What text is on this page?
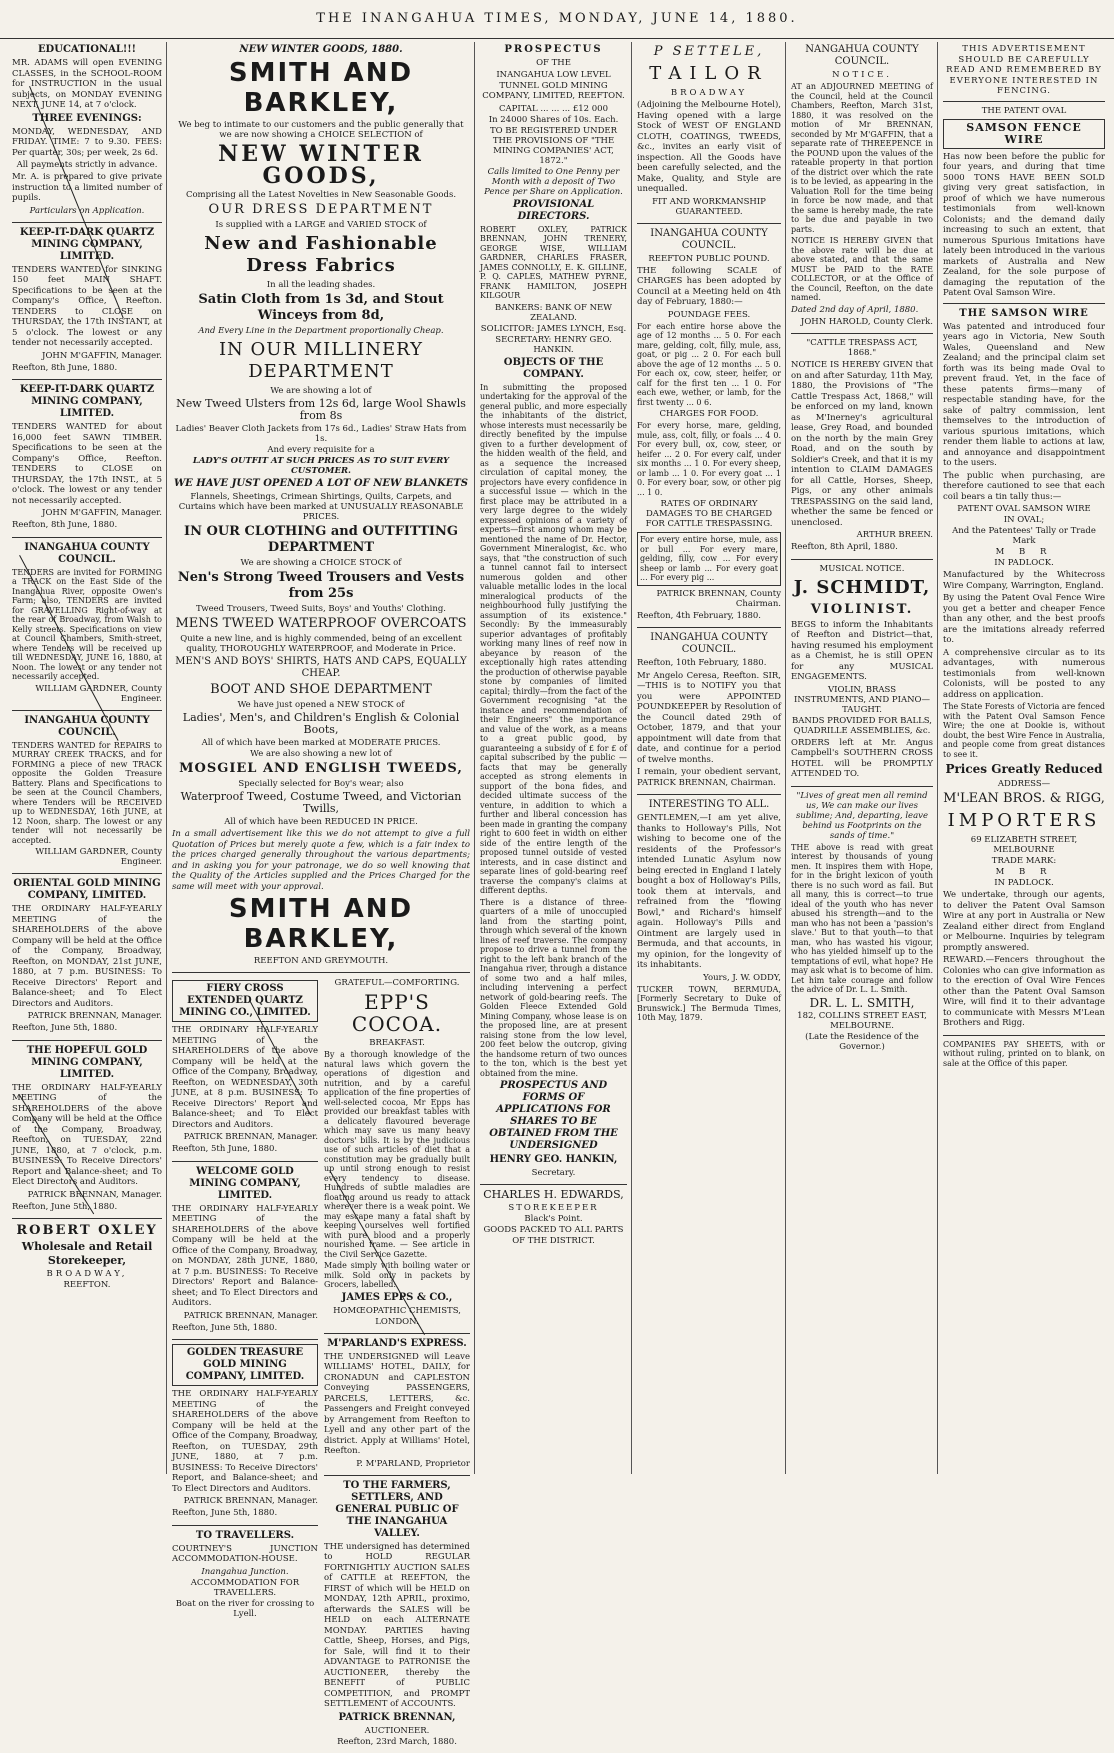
THE INANGAHUA TIMES, MONDAY, JUNE 14, 1880.
EDUCATIONAL!!!
MR. ADAMS will open EVENING CLASSES, in the SCHOOL-ROOM for INSTRUCTION in the usual subjects, on MONDAY EVENING NEXT, JUNE 14, at 7 o'clock.
THREE EVENINGS:
MONDAY, WEDNESDAY, AND FRIDAY. TIME: 7 to 9.30. FEES: Per quarter, 30s; per week, 2s 6d.
All payments strictly in advance.
Mr. A. is prepared to give private instruction to a limited number of pupils.
Particulars on Application.
KEEP-IT-DARK QUARTZ MINING COMPANY, LIMITED.
TENDERS WANTED for SINKING 150 feet MAIN SHAFT. Specifications to be seen at the Company's Office, Reefton. TENDERS to CLOSE on THURSDAY, the 17th INSTANT, at 5 o'clock. The lowest or any tender not necessarily accepted.
JOHN M'GAFFIN, Manager.
Reefton, 8th June, 1880.
KEEP-IT-DARK QUARTZ MINING COMPANY, LIMITED.
TENDERS WANTED for about 16,000 feet SAWN TIMBER. Specifications to be seen at the Company's Office, Reefton. TENDERS to CLOSE on THURSDAY, the 17th INST., at 5 o'clock. The lowest or any tender not necessarily accepted.
JOHN M'GAFFIN, Manager.
Reefton, 8th June, 1880.
INANGAHUA COUNTY COUNCIL.
TENDERS are invited for FORMING a TRACK on the East Side of the Inangahua River, opposite Owen's Farm; also, TENDERS are invited for GRAVELLING Right-of-way at the rear of Broadway, from Walsh to Kelly streets. Specifications on view at Council Chambers, Smith-street, where Tenders will be received up till WEDNESDAY, JUNE 16, 1880, at Noon. The lowest or any tender not necessarily accepted.
WILLIAM GARDNER, County Engineer.
INANGAHUA COUNTY COUNCIL.
TENDERS WANTED for REPAIRS to MURRAY CREEK TRACKS, and for FORMING a piece of new TRACK opposite the Golden Treasure Battery. Plans and Specifications to be seen at the Council Chambers, where Tenders will be RECEIVED up to WEDNESDAY, 16th JUNE, at 12 Noon, sharp. The lowest or any tender will not necessarily be accepted.
WILLIAM GARDNER, County Engineer.
ORIENTAL GOLD MINING COMPANY, LIMITED.
THE ORDINARY HALF-YEARLY MEETING of the SHAREHOLDERS of the above Company will be held at the Office of the Company, Broadway, Reefton, on MONDAY, 21st JUNE, 1880, at 7 p.m. BUSINESS: To Receive Directors' Report and Balance-sheet; and To Elect Directors and Auditors.
PATRICK BRENNAN, Manager.
Reefton, June 5th, 1880.
THE HOPEFUL GOLD MINING COMPANY, LIMITED.
THE ORDINARY HALF-YEARLY MEETING of the SHAREHOLDERS of the above Company will be held at the Office of the Company, Broadway, Reefton, on TUESDAY, 22nd JUNE, 1880, at 7 o'clock, p.m. BUSINESS: To Receive Directors' Report and Balance-sheet; and To Elect Directors and Auditors.
PATRICK BRENNAN, Manager.
Reefton, June 5th, 1880.
ROBERT OXLEY
Wholesale and Retail
Storekeeper,
BROADWAY,
REEFTON.
NEW WINTER GOODS, 1880.
SMITH AND BARKLEY,
We beg to intimate to our customers and the public generally that we are now showing a CHOICE SELECTION of
NEW WINTER GOODS,
Comprising all the Latest Novelties in New Seasonable Goods.
OUR DRESS DEPARTMENT
Is supplied with a LARGE and VARIED STOCK of
New and Fashionable Dress Fabrics
In all the leading shades.
Satin Cloth from 1s 3d, and Stout Winceys from 8d,
And Every Line in the Department proportionally Cheap.
IN OUR MILLINERY DEPARTMENT
We are showing a lot of
New Tweed Ulsters from 12s 6d, large Wool Shawls from 8s
Ladies' Beaver Cloth Jackets from 17s 6d., Ladies' Straw Hats from 1s.
And every requisite for a
LADY'S OUTFIT AT SUCH PRICES AS TO SUIT EVERY CUSTOMER.
WE HAVE JUST OPENED A LOT OF NEW BLANKETS
Flannels, Sheetings, Crimean Shirtings, Quilts, Carpets, and Curtains which have been marked at UNUSUALLY REASONABLE PRICES.
IN OUR CLOTHING and OUTFITTING DEPARTMENT
We are showing a CHOICE STOCK of
Nen's Strong Tweed Trousers and Vests from 25s
Tweed Trousers, Tweed Suits, Boys' and Youths' Clothing.
MENS TWEED WATERPROOF OVERCOATS
Quite a new line, and is highly commended, being of an excellent quality, THOROUGHLY WATERPROOF, and Moderate in Price.
MEN'S AND BOYS' SHIRTS, HATS AND CAPS, EQUALLY CHEAP.
BOOT AND SHOE DEPARTMENT
We have just opened a NEW STOCK of
Ladies', Men's, and Children's English & Colonial Boots,
All of which have been marked at MODERATE PRICES.
We are also showing a new lot of
MOSGIEL AND ENGLISH TWEEDS,
Specially selected for Boy's wear; also
Waterproof Tweed, Costume Tweed, and Victorian Twills,
All of which have been REDUCED IN PRICE.
In a small advertisement like this we do not attempt to give a full Quotation of Prices but merely quote a few, which is a fair index to the prices charged generally throughout the various departments; and in asking you for your patronage, we do so well knowing that the Quality of the Articles supplied and the Prices Charged for the same will meet with your approval.
SMITH AND BARKLEY,
REEFTON AND GREYMOUTH.
FIERY CROSS EXTENDED QUARTZ MINING CO., LIMITED.
THE ORDINARY HALF-YEARLY MEETING of the SHAREHOLDERS of the above Company will be held at the Office of the Company, Broadway, Reefton, on WEDNESDAY, 30th JUNE, at 8 p.m. BUSINESS: To Receive Directors' Report and Balance-sheet; and To Elect Directors and Auditors.
PATRICK BRENNAN, Manager.
Reefton, 5th June, 1880.
WELCOME GOLD MINING COMPANY, LIMITED.
THE ORDINARY HALF-YEARLY MEETING of the SHAREHOLDERS of the above Company will be held at the Office of the Company, Broadway, on MONDAY, 28th JUNE, 1880, at 7 p.m. BUSINESS: To Receive Directors' Report and Balance-sheet; and To Elect Directors and Auditors.
PATRICK BRENNAN, Manager.
Reefton, June 5th, 1880.
GOLDEN TREASURE GOLD MINING COMPANY, LIMITED.
THE ORDINARY HALF-YEARLY MEETING of the SHAREHOLDERS of the above Company will be held at the Office of the Company, Broadway, Reefton, on TUESDAY, 29th JUNE, 1880, at 7 p.m. BUSINESS: To Receive Directors' Report, and Balance-sheet; and To Elect Directors and Auditors.
PATRICK BRENNAN, Manager.
Reefton, June 5th, 1880.
TO TRAVELLERS.
COURTNEY'S JUNCTION ACCOMMODATION-HOUSE.
Inangahua Junction.
ACCOMMODATION FOR TRAVELLERS.
Boat on the river for crossing to Lyell.
GRATEFUL—COMFORTING.
EPP'S COCOA.
BREAKFAST.
By a thorough knowledge of the natural laws which govern the operations of digestion and nutrition, and by a careful application of the fine properties of well-selected cocoa, Mr Epps has provided our breakfast tables with a delicately flavoured beverage which may save us many heavy doctors' bills. It is by the judicious use of such articles of diet that a constitution may be gradually built up until strong enough to resist every tendency to disease. Hundreds of subtle maladies are floating around us ready to attack wherever there is a weak point. We may escape many a fatal shaft by keeping ourselves well fortified with pure blood and a properly nourished frame. — See article in the Civil Service Gazette.
Made simply with boiling water or milk. Sold only in packets by Grocers, labelled:
JAMES EPPS & CO.,
HOMŒOPATHIC CHEMISTS,
LONDON.
M'PARLAND'S EXPRESS.
THE UNDERSIGNED will Leave WILLIAMS' HOTEL, DAILY, for CRONADUN and CAPLESTON Conveying PASSENGERS, PARCELS, LETTERS, &c. Passengers and Freight conveyed by Arrangement from Reefton to Lyell and any other part of the district. Apply at Williams' Hotel, Reefton.
P. M'PARLAND, Proprietor
TO THE FARMERS, SETTLERS, AND GENERAL PUBLIC OF THE INANGAHUA VALLEY.
THE undersigned has determined to HOLD REGULAR FORTNIGHTLY AUCTION SALES of CATTLE at REEFTON, the FIRST of which will be HELD on MONDAY, 12th APRIL, proximo, afterwards the SALES will be HELD on each ALTERNATE MONDAY. PARTIES having Cattle, Sheep, Horses, and Pigs, for Sale, will find it to their ADVANTAGE to PATRONISE the AUCTIONEER, thereby the BENEFIT of PUBLIC COMPETITION, and PROMPT SETTLEMENT of ACCOUNTS.
PATRICK BRENNAN,
AUCTIONEER.
Reefton, 23rd March, 1880.
PROSPECTUS
OF THE
INANGAHUA LOW LEVEL TUNNEL GOLD MINING COMPANY, LIMITED, REEFTON.
CAPITAL ... ... ... £12 000
In 24000 Shares of 10s. Each.
TO BE REGISTERED UNDER THE PROVISIONS OF "THE MINING COMPANIES' ACT, 1872."
Calls limited to One Penny per Month with a deposit of Two Pence per Share on Application.
PROVISIONAL DIRECTORS.
ROBERT OXLEY, PATRICK BRENNAN, JOHN TRENERY, GEORGE WISE, WILLIAM GARDNER, CHARLES FRASER, JAMES CONNOLLY, E. K. GILLINE, P. Q. CAPLES, MATHEW PYRNE, FRANK HAMILTON, JOSEPH KILGOUR
BANKERS: BANK OF NEW ZEALAND.
SOLICITOR: JAMES LYNCH, Esq.
SECRETARY: HENRY GEO. HANKIN.
OBJECTS OF THE COMPANY.
In submitting the proposed undertaking for the approval of the general public, and more especially the inhabitants of the district, whose interests must necessarily be directly benefited by the impulse given to a further development of the hidden wealth of the field, and as a sequence the increased circulation of capital money, the projectors have every confidence in a successful issue — which in the first place may be attributed in a very large degree to the widely expressed opinions of a variety of experts—first among whom may be mentioned the name of Dr. Hector, Government Mineralogist, &c. who says, that "the construction of such a tunnel cannot fail to intersect numerous golden and other valuable metallic lodes in the local mineralogical products of the neighbourhood fully justifying the assumption of its existence." Secondly: By the immeasurably superior advantages of profitably working many lines of reef now in abeyance by reason of the exceptionally high rates attending the production of otherwise payable stone by companies of limited capital; thirdly—from the fact of the Government recognising "at the instance and recommendation of their Engineers" the importance and value of the work, as a means to a great public good, by guaranteeing a subsidy of £ for £ of capital subscribed by the public — facts that may be generally accepted as strong elements in support of the bona fides, and decided ultimate success of the venture, in addition to which a further and liberal concession has been made in granting the company right to 600 feet in width on either side of the entire length of the proposed tunnel outside of vested interests, and in case distinct and separate lines of gold-bearing reef traverse the company's claims at different depths.
There is a distance of three-quarters of a mile of unoccupied land from the starting point, through which several of the known lines of reef traverse. The company propose to drive a tunnel from the right to the left bank branch of the Inangahua river, through a distance of some two and a half miles, including intervening a perfect network of gold-bearing reefs. The Golden Fleece Extended Gold Mining Company, whose lease is on the proposed line, are at present raising stone from the low level, 200 feet below the outcrop, giving the handsome return of two ounces to the ton, which is the best yet obtained from the mine.
PROSPECTUS AND FORMS OF APPLICATIONS FOR SHARES TO BE OBTAINED FROM THE UNDERSIGNED
HENRY GEO. HANKIN,
Secretary.
CHARLES H. EDWARDS,
STOREKEEPER
Black's Point.
GOODS PACKED TO ALL PARTS
OF THE DISTRICT.
P SETTELE,
TAILOR
BROADWAY
(Adjoining the Melbourne Hotel), Having opened with a large Stock of WEST OF ENGLAND CLOTH, COATINGS, TWEEDS, &c., invites an early visit of inspection. All the Goods have been carefully selected, and the Make, Quality, and Style are unequalled.
FIT AND WORKMANSHIP GUARANTEED.
INANGAHUA COUNTY COUNCIL.
REEFTON PUBLIC POUND.
THE following SCALE of CHARGES has been adopted by Council at a Meeting held on 4th day of February, 1880:—
POUNDAGE FEES.
For each entire horse above the age of 12 months ... 5 0. For each mare, gelding, colt, filly, mule, ass, goat, or pig ... 2 0. For each bull above the age of 12 months ... 5 0. For each ox, cow, steer, heifer, or calf for the first ten ... 1 0. For each ewe, wether, or lamb, for the first twenty ... 0 6.
CHARGES FOR FOOD.
For every horse, mare, gelding, mule, ass, colt, filly, or foals ... 4 0. For every bull, ox, cow, steer, or heifer ... 2 0. For every calf, under six months ... 1 0. For every sheep, or lamb ... 1 0. For every goat ... 1 0. For every boar, sow, or other pig ... 1 0.
RATES OF ORDINARY DAMAGES TO BE CHARGED FOR CATTLE TRESPASSING.
For every entire horse, mule, ass or bull ... For every mare, gelding, filly, cow ... For every sheep or lamb ... For every goat ... For every pig ...
PATRICK BRENNAN, County Chairman.
Reefton, 4th February, 1880.
INANGAHUA COUNTY COUNCIL.
Reefton, 10th February, 1880.
Mr Angelo Ceresa, Reefton. SIR,—THIS is to NOTIFY you that you were APPOINTED POUNDKEEPER by Resolution of the Council dated 29th of October, 1879, and that your appointment will date from that date, and continue for a period of twelve months.
I remain, your obedient servant, PATRICK BRENNAN, Chairman.
INTERESTING TO ALL.
GENTLEMEN,—I am yet alive, thanks to Holloway's Pills, Not wishing to become one of the residents of the Professor's intended Lunatic Asylum now being erected in England I lately bought a box of Holloway's Pills, took them at intervals, and refrained from the "flowing Bowl," and Richard's himself again. Holloway's Pills and Ointment are largely used in Bermuda, and that accounts, in my opinion, for the longevity of its inhabitants.
Yours, J. W. ODDY,
TUCKER TOWN, BERMUDA, [Formerly Secretary to Duke of Brunswick.] The Bermuda Times, 10th May, 1879.
NANGAHUA COUNTY COUNCIL.
NOTICE.
AT an ADJOURNED MEETING of the Council, held at the Council Chambers, Reefton, March 31st, 1880, it was resolved on the motion of Mr BRENNAN, seconded by Mr M'GAFFIN, that a separate rate of THREEPENCE in the POUND upon the values of the rateable property in that portion of the district over which the rate is to be levied, as appearing in the Valuation Roll for the time being in force be now made, and that the same is hereby made, the rate to be due and payable in two parts.
NOTICE IS HEREBY GIVEN that the above rate will be due at above stated, and that the same MUST be PAID to the RATE COLLECTOR, or at the Office of the Council, Reefton, on the date named.
Dated 2nd day of April, 1880.
JOHN HAROLD, County Clerk.
"CATTLE TRESPASS ACT, 1868."
NOTICE IS HEREBY GIVEN that on and after Saturday, 11th May, 1880, the Provisions of "The Cattle Trespass Act, 1868," will be enforced on my land, known as M'Inerney's agricultural lease, Grey Road, and bounded on the north by the main Grey Road, and on the south by Soldier's Creek, and that it is my intention to CLAIM DAMAGES for all Cattle, Horses, Sheep, Pigs, or any other animals TRESPASSING on the said land, whether the same be fenced or unenclosed.
ARTHUR BREEN.
Reefton, 8th April, 1880.
MUSICAL NOTICE.
J. SCHMIDT,
VIOLINIST.
BEGS to inform the Inhabitants of Reefton and District—that, having resumed his employment as a Chemist, he is still OPEN for any MUSICAL ENGAGEMENTS.
VIOLIN, BRASS INSTRUMENTS, AND PIANO—TAUGHT.
BANDS PROVIDED FOR BALLS, QUADRILLE ASSEMBLIES, &c.
ORDERS left at Mr. Angus Campbell's SOUTHERN CROSS HOTEL will be PROMPTLY ATTENDED TO.
"Lives of great men all remind us, We can make our lives sublime; And, departing, leave behind us Footprints on the sands of time."
THE above is read with great interest by thousands of young men. It inspires them with Hope, for in the bright lexicon of youth there is no such word as fail. But all many, this is correct—to true ideal of the youth who has never abused his strength—and to the man who has not been a 'passion's slave.' But to that youth—to that man, who has wasted his vigour, who has yielded himself up to the temptations of evil, what hope? He may ask what is to become of him. Let him take courage and follow the advice of Dr. L. L. Smith.
DR. L. L. SMITH,
182, COLLINS STREET EAST, MELBOURNE.
(Late the Residence of the Governor.)
THIS ADVERTISEMENT SHOULD BE CAREFULLY READ AND REMEMBERED BY EVERYONE INTERESTED IN FENCING.
THE PATENT OVAL
SAMSON FENCE WIRE
Has now been before the public for four years, and during that time 5000 TONS HAVE BEEN SOLD giving very great satisfaction, in proof of which we have numerous testimonials from well-known Colonists; and the demand daily increasing to such an extent, that numerous Spurious Imitations have lately been introduced in the various markets of Australia and New Zealand, for the sole purpose of damaging the reputation of the Patent Oval Samson Wire.
THE SAMSON WIRE
Was patented and introduced four years ago in Victoria, New South Wales, Queensland and New Zealand; and the principal claim set forth was its being made Oval to prevent fraud. Yet, in the face of these patents firms—many of respectable standing have, for the sake of paltry commission, lent themselves to the introduction of various spurious imitations, which render them liable to actions at law, and annoyance and disappointment to the users.
The public when purchasing, are therefore cautioned to see that each coil bears a tin tally thus:—
PATENT OVAL SAMSON WIRE
IN OVAL;
And the Patentees' Tally or Trade Mark
M B R
IN PADLOCK.
Manufactured by the Whitecross Wire Company, Warrington, England.
By using the Patent Oval Fence Wire you get a better and cheaper Fence than any other, and the best proofs are the imitations already referred to.
A comprehensive circular as to its advantages, with numerous testimonials from well-known Colonists, will be posted to any address on application.
The State Forests of Victoria are fenced with the Patent Oval Samson Fence Wire; the one at Dookie is, without doubt, the best Wire Fence in Australia, and people come from great distances to see it.
Prices Greatly Reduced
ADDRESS—
M'LEAN BROS. & RIGG,
IMPORTERS
69 ELIZABETH STREET, MELBOURNE
TRADE MARK:
M B R
IN PADLOCK.
We undertake, through our agents, to deliver the Patent Oval Samson Wire at any port in Australia or New Zealand either direct from England or Melbourne. Inquiries by telegram promptly answered.
REWARD.—Fencers throughout the Colonies who can give information as to the erection of Oval Wire Fences other than the Patent Oval Samson Wire, will find it to their advantage to communicate with Messrs M'Lean Brothers and Rigg.
COMPANIES PAY SHEETS, with or without ruling, printed on to blank, on sale at the Office of this paper.
